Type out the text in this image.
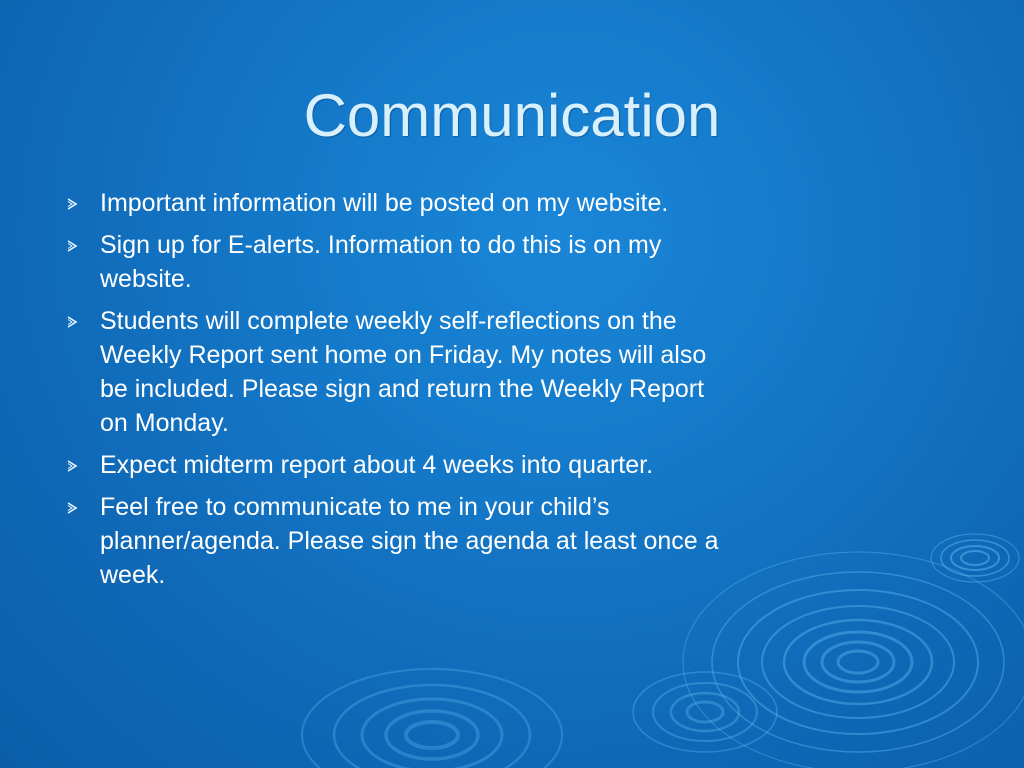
Communication
Important information will be posted on my website.
Sign up for E-alerts. Information to do this is on my website.
Students will complete weekly self-reflections on the Weekly Report sent home on Friday. My notes will also be included. Please sign and return the Weekly Report on Monday.
Expect midterm report about 4 weeks into quarter.
Feel free to communicate to me in your child’s planner/agenda. Please sign the agenda at least once a week.
